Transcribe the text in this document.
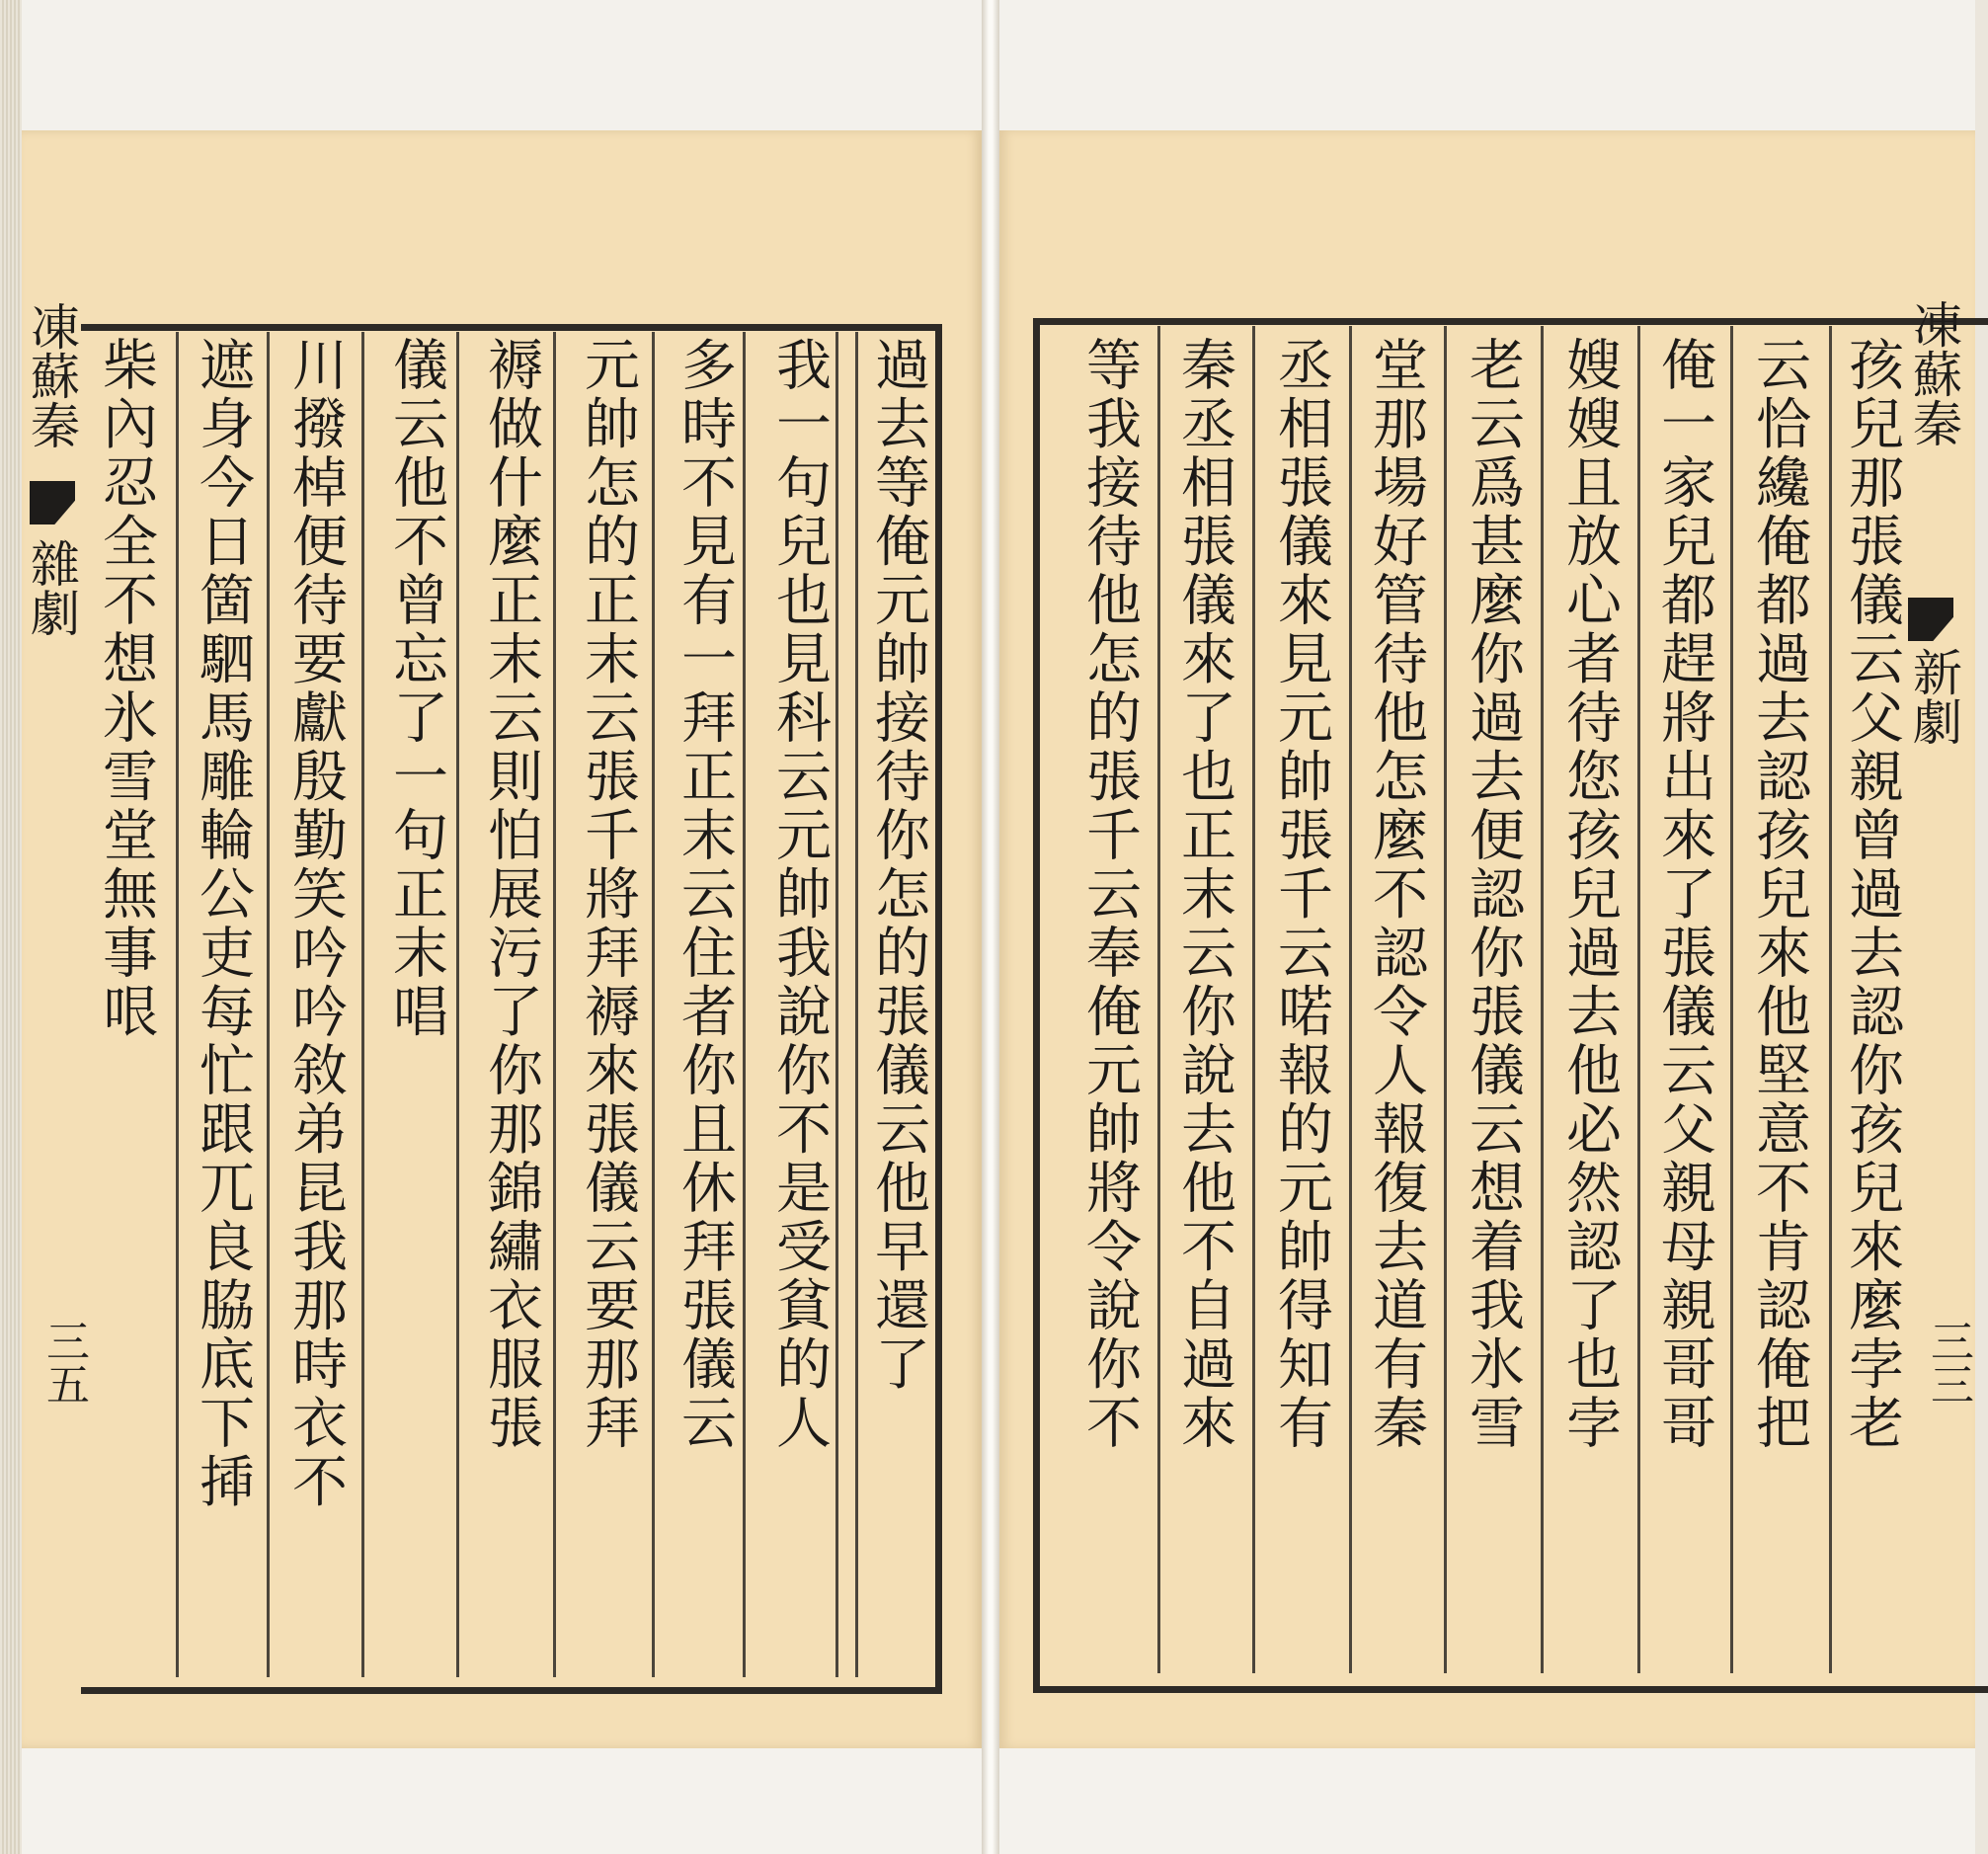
凍蘇秦
雜劇
三五
凍蘇秦
新劇
三三
過去等俺元帥接待你怎的張儀云他早還了
我一句兒也見科云元帥我說你不是受貧的人
多時不見有一拜正末云住者你且休拜張儀云
元帥怎的正末云張千將拜褥來張儀云要那拜
褥做什麼正末云則怕展污了你那錦繡衣服張
儀云他不曾忘了一句正末唱
川撥棹便待要獻殷勤笑吟吟敘弟昆我那時衣不
遮身今日箇駟馬雕輪公吏每忙跟兀良脇底下揷
柴內忍全不想氷雪堂無事哏	孩兒那張儀云父親曾過去認你孩兒來麼孛老
云恰纔俺都過去認孩兒來他堅意不肯認俺把
俺一家兒都趕將出來了張儀云父親母親哥哥
嫂嫂且放心者待您孩兒過去他必然認了也孛
老云爲甚麼你過去便認你張儀云想着我氷雪
堂那場好管待他怎麼不認令人報復去道有秦
丞相張儀來見元帥張千云喏報的元帥得知有
秦丞相張儀來了也正末云你說去他不自過來
等我接待他怎的張千云奉俺元帥將令說你不
